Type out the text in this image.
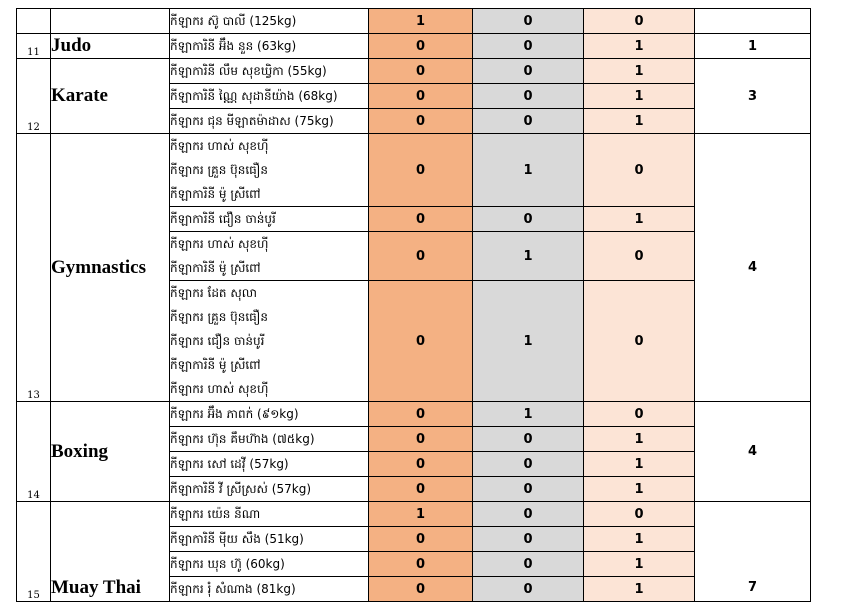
		កីឡាករ ស៊ូ បាលី (125kg)	1	0	0	
11	Judo	កីឡាការិនី អ៊ឹង នួន (63kg)	0	0	1	1
12	Karate	កីឡាការិនី លឹម សុខឃ្វិកា (55kg)	0	0	1	3

		កីឡាការិនី ណ្ណៃ សុដានីយ៉ាង (68kg)	0	0	1	

		កីឡាករ ជុន មីឡាតម៉ាដាស (75kg)	0	0	1	
13	Gymnastics	កីឡាករ ហាស់ សុខហ៊ី
កីឡាករ គ្រួន ប៊ុនធឿន
កីឡាការិនី ម៉ូ ស្រីពៅ	0	1	0	4

		កីឡាការិនី ជឿន ចាន់បូរី	0	0	1	

		កីឡាករ ហាស់ សុខហ៊ី
កីឡាការិនី ម៉ូ ស្រីពៅ	0	1	0	

		កីឡាករ ដែត សុលា
កីឡាករ គ្រួន ប៊ុនធឿន
កីឡាករ ជឿន ចាន់បូរី
កីឡាការិនី ម៉ូ ស្រីពៅ
កីឡាករ ហាស់ សុខហ៊ី	0	1	0	
14	Boxing	កីឡាករ អ៊ឹង ភាពក់ (៩១kg)	0	1	0	4

		កីឡាករ ហ៊ុន គឹមហ៊ាង (៧៥kg)	0	0	1	

		កីឡាករ សៅ ដេវ៉ី (57kg)	0	0	1	

		កីឡាការិនី វី ស្រីស្រស់ (57kg)	0	0	1	
15	Muay Thai	កីឡាករ យ៉េន នីណា	1	0	0	7

		កីឡាការិនី ម៉ីយ សឹង (51kg)	0	0	1	

		កីឡាករ ឃុន ហ៊ូ (60kg)	0	0	1	

		កីឡាករ រុំ សំណាង (81kg)	0	0	1	
